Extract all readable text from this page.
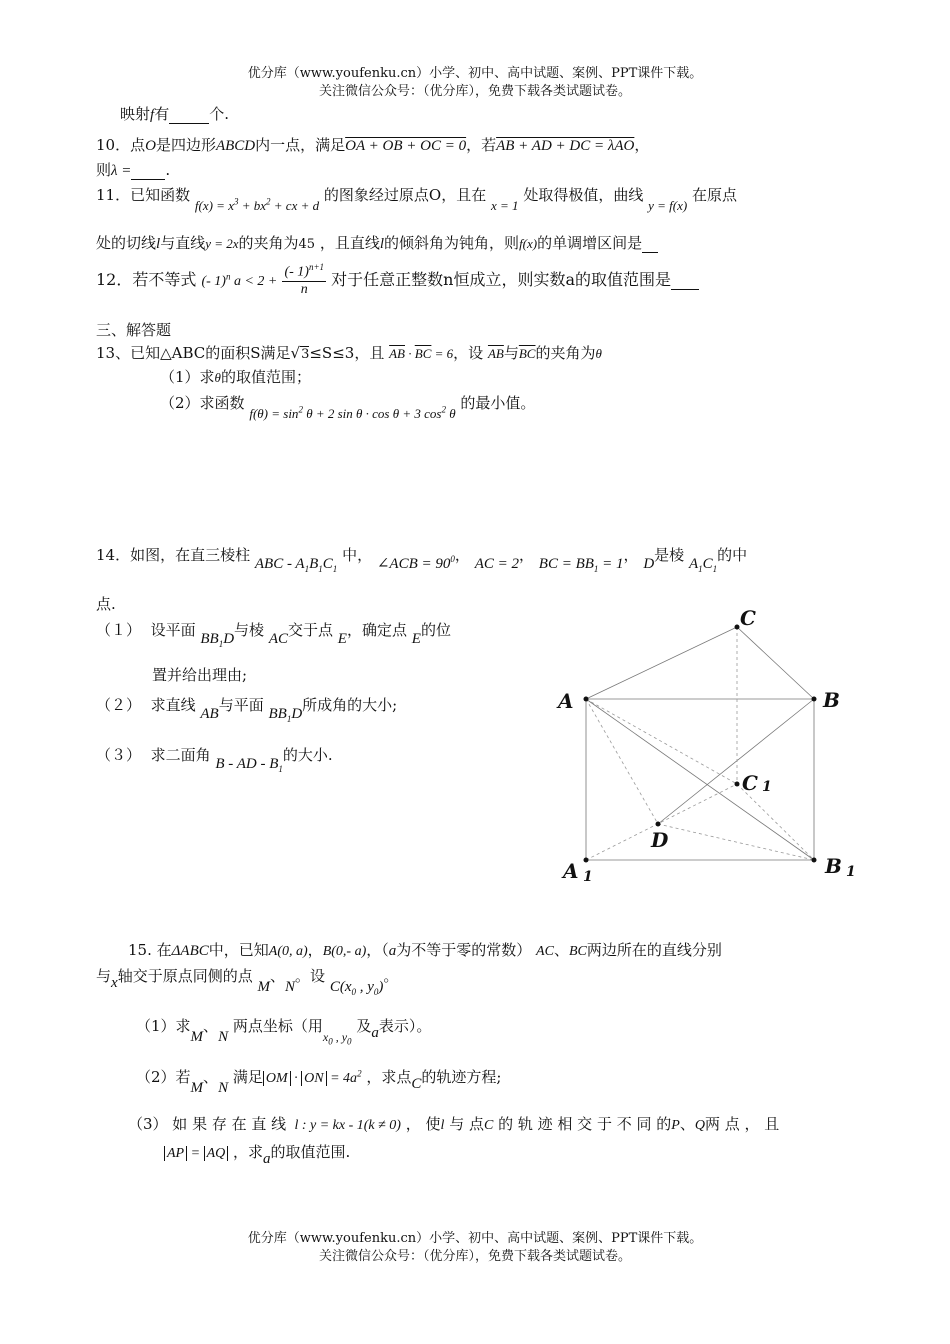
优分库（www.youfenku.cn）小学、初中、高中试题、案例、PPT课件下载。
关注微信公众号：（优分库），免费下载各类试题试卷。
映射f有	个.
10．点O是四边形ABCD内一点，满足OA + OB + OC = 0，若AB + AD + DC = λAO，
则λ = .
11．已知函数 $f(x) = x^3 + bx^2$ + cx + d 的图象经过原点O，且在 x = 1 处取得极值，曲线 y = f(x) 在原点
处的切线l与直线y = 2x的夹角为45 ，且直线l的倾斜角为钝角，则f(x)的单调增区间是
12．若不等式 (- 1)$^n$ $a < 2 + \frac{(- 1)^{n+1}}{n}$ 对于任意正整数n恒成立，则实数a的取值范围是
三、解答题
13、已知△ABC的面积S满足√3≤S≤3，且 $\overline{AB} \cdot \overline{BC} = 6$，设 $\overline{AB}$与$\overline{BC}$的夹角为θ
（1）求θ的取值范围；
（2）求函数 $f(\theta) = \sin^2 \theta + 2$ sin θ · cos θ + 3 $\cos^2 \theta$ 的最小值。
14．如图，在直三棱柱 ABC - $A_1B_1C_1$ 中， ∠ACB = $90^0$， AC = 2， BC = $BB_1 = 1$， D是棱 $A_1C_1$的中
点.
（１） 设平面 $BB_1D$与棱 AC交于点 E，确定点 E的位
置并给出理由;
（２） 求直线 AB与平面 $BB_1D$所成角的大小;
（３） 求二面角 B - AD - $B_1$的大小.
C
A	B
C 1
D
A 1	B 1
15. 在ΔABC中，已知A(0, a)，B(0,- a)，（a为不等于零的常数） AC、BC两边所在的直线分别
与x轴交于原点同侧的点 M、N。设 $C(x_0$ , $y_0$)。
（1）求M、N 两点坐标（用$_{x_0 , y_0}$ 及a表示）。
（2）若M、N 满足 OM · ON = $4a^2$ ，求点C的轨迹方程;
（3） 如 果 存 在 直 线  l : y = kx - 1(k ≠ 0) ， 使l 与 点C 的 轨 迹 相 交 于 不 同 的P、Q两 点 ， 且
AP = AQ ，求a的取值范围.
优分库（www.youfenku.cn）小学、初中、高中试题、案例、PPT课件下载。
关注微信公众号：（优分库），免费下载各类试题试卷。
